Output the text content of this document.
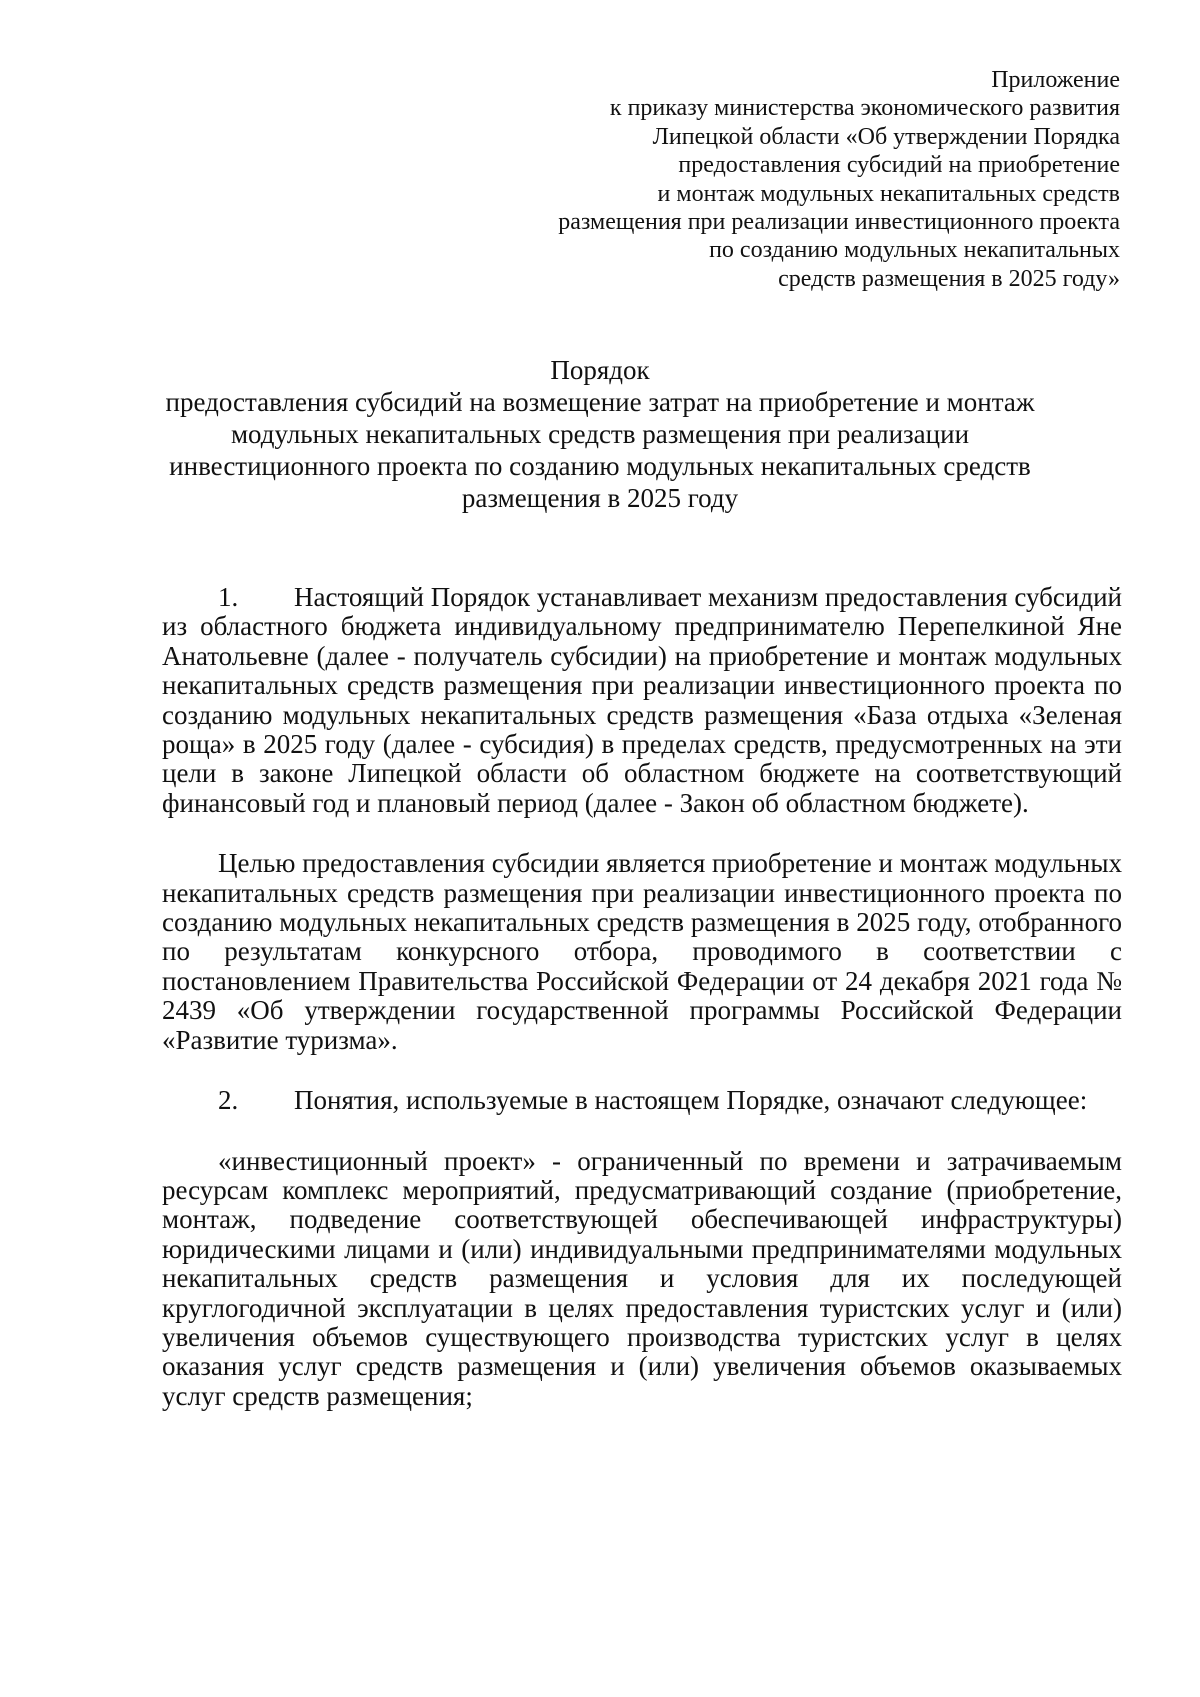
Приложение
к приказу министерства экономического развития
Липецкой области «Об утверждении Порядка
предоставления субсидий на приобретение
и монтаж модульных некапитальных средств
размещения при реализации инвестиционного проекта
по созданию модульных некапитальных
средств размещения в 2025 году»
Порядок
предоставления субсидий на возмещение затрат на приобретение и монтаж
модульных некапитальных средств размещения при реализации
инвестиционного проекта по созданию модульных некапитальных средств
размещения в 2025 году

1. Настоящий Порядок устанавливает механизм предоставления субсидий из областного бюджета индивидуальному предпринимателю Перепелкиной Яне Анатольевне (далее - получатель субсидии) на приобретение и монтаж модульных некапитальных средств размещения при реализации инвестиционного проекта по созданию модульных некапитальных средств размещения «База отдыха «Зеленая роща» в 2025 году (далее - субсидия) в пределах средств, предусмотренных на эти цели в законе Липецкой области об областном бюджете на соответствующий финансовый год и плановый период (далее - Закон об областном бюджете).

Целью предоставления субсидии является приобретение и монтаж модульных некапитальных средств размещения при реализации инвестиционного проекта по созданию модульных некапитальных средств размещения в 2025 году, отобранного по результатам конкурсного отбора, проводимого в соответствии с постановлением Правительства Российской Федерации от 24 декабря 2021 года № 2439 «Об утверждении государственной программы Российской Федерации «Развитие туризма».

2. Понятия, используемые в настоящем Порядке, означают следующее:

«инвестиционный проект» - ограниченный по времени и затрачиваемым ресурсам комплекс мероприятий, предусматривающий создание (приобретение, монтаж, подведение соответствующей обеспечивающей инфраструктуры) юридическими лицами и (или) индивидуальными предпринимателями модульных некапитальных средств размещения и условия для их последующей круглогодичной эксплуатации в целях предоставления туристских услуг и (или) увеличения объемов существующего производства туристских услуг в целях оказания услуг средств размещения и (или) увеличения объемов оказываемых услуг средств размещения;
